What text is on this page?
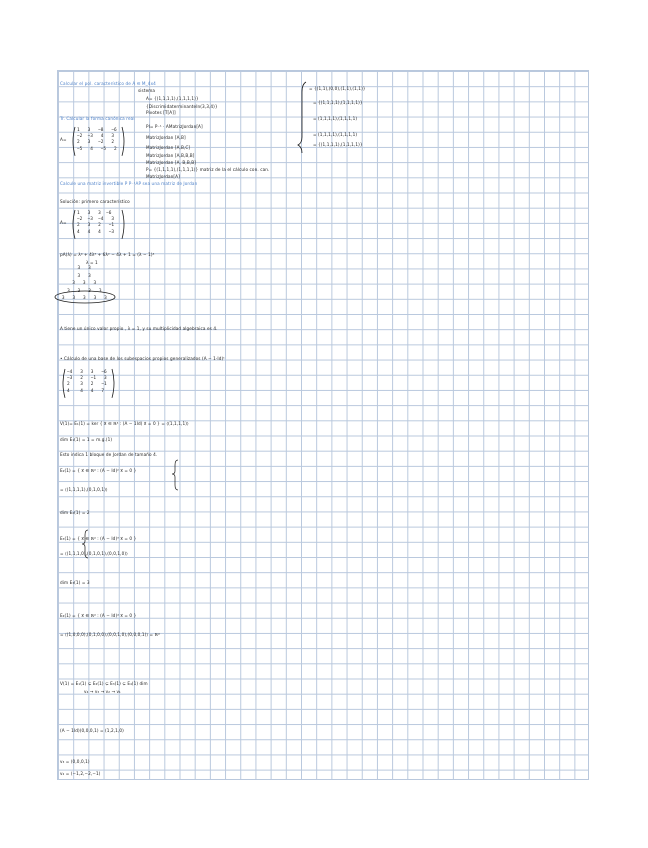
Calcular el pol. característico de A ∈ M_4x4
sistema
A= {(1,1,1,1),(1,1,1,1)}
{DiscrimidaterminanteIn(3,3,4)}
Pivotes [T[A]]
Tr. Calcular la forma canónica real
Pl= P⁻¹ · AMatrizJordan[A]
MatrizJordan [A,B]
MatrizJordan [A,B,C]
MatrizJordan [A,B,B,B]
MatrizJordan [A, B,B,B]
P= {(1,1,1,1),(1,1,1,1)} matriz de la el cálculo con. can.
MatrizJordan[A]
Calcule una matriz invertible P P⁻¹AP sea una matriz de Jordan
Solución: primero característico
pA(λ) = λ⁴ + 4λ³ + 6λ² − 4λ + 1 = (λ − 1)⁴
λ = 1
A tiene un único valor propio , λ = 1, y su multiplicidad algebraica es 4.
• Cálculo de una base de los subespacios propios generalizados (A − 1·Id)ᵏ
V(1)= E₁(1) = ker { x⃗ ∈ ℝ⁴ : (A − 1Id) x⃗ = 0 } = ⟨(1,1,1,1)⟩
dim E₁(1) = 1 = m.g.(1)
Esto indica 1 bloque de Jordan de tamaño 4.
E₂(1) = { x⃗ ∈ ℝ⁴ : (A − Id)² x⃗ = 0 }
= ⟨(1,1,1,1),(0,1,0,1)⟩
dim E₂(1) = 2
E₃(1) = { x⃗ ∈ ℝ⁴ : (A − Id)³ x⃗ = 0 }
= ⟨(1,1,1,0),(0,1,0,1),(0,0,1,0)⟩
dim E₃(1) = 3
E₄(1) = { x⃗ ∈ ℝ⁴ : (A − Id)⁴ x⃗ = 0 }
= ⟨(1,0,0,0),(0,1,0,0),(0,0,1,0),(0,0,0,1)⟩ = ℝ⁴
V(1) = E₁(1) ⊊ E₂(1) ⊊ E₃(1) ⊊ E₄(1) dim
v₄ → v₃ → v₂ → v₁
(A − 1Id)(0,0,0,1) = (1,2,1,0)
v₃ = (0,0,0,1)
v₂ = (−1,2,−2,−1)
= {(1,1),(0,0),(1,1),(1,1)}
= {(1,1,1,1),(1,1,1,1)}
= (1,1,1,1),(1,1,1,1)
= (1,1,1,1),(1,1,1,1)
= {(1,1,1,1),(1,1,1,1)}
A=
1   3   −8   −6
−2  −3   4   3
2   3   −2   2
−5   4   −5   2
A=
1   3   3  −6
−2  −3  −4   3
2   3   2   −1
4   4   4   −3
−4   3   3   −6
−3   2   −1   3
2    3   2   −1
4    4   4   7
3   3
3   3
3   3   3
3   3   3   3
3   3   3   3   3
